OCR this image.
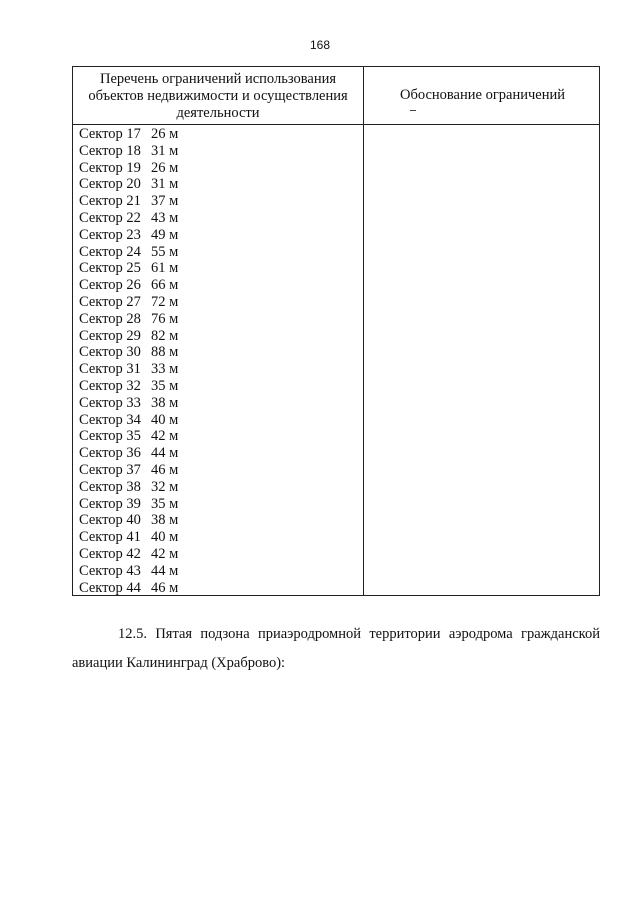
168
Перечень ограничений использования объектов недвижимости и осуществления деятельности
Обоснование ограничений
Сектор 17 26 м
Сектор 18 31 м
Сектор 19 26 м
Сектор 20 31 м
Сектор 21 37 м
Сектор 22 43 м
Сектор 23 49 м
Сектор 24 55 м
Сектор 25 61 м
Сектор 26 66 м
Сектор 27 72 м
Сектор 28 76 м
Сектор 29 82 м
Сектор 30 88 м
Сектор 31 33 м
Сектор 32 35 м
Сектор 33 38 м
Сектор 34 40 м
Сектор 35 42 м
Сектор 36 44 м
Сектор 37 46 м
Сектор 38 32 м
Сектор 39 35 м
Сектор 40 38 м
Сектор 41 40 м
Сектор 42 42 м
Сектор 43 44 м
Сектор 44 46 м

12.5. Пятая подзона приаэродромной территории аэродрома гражданской авиации Калининград (Храброво):
